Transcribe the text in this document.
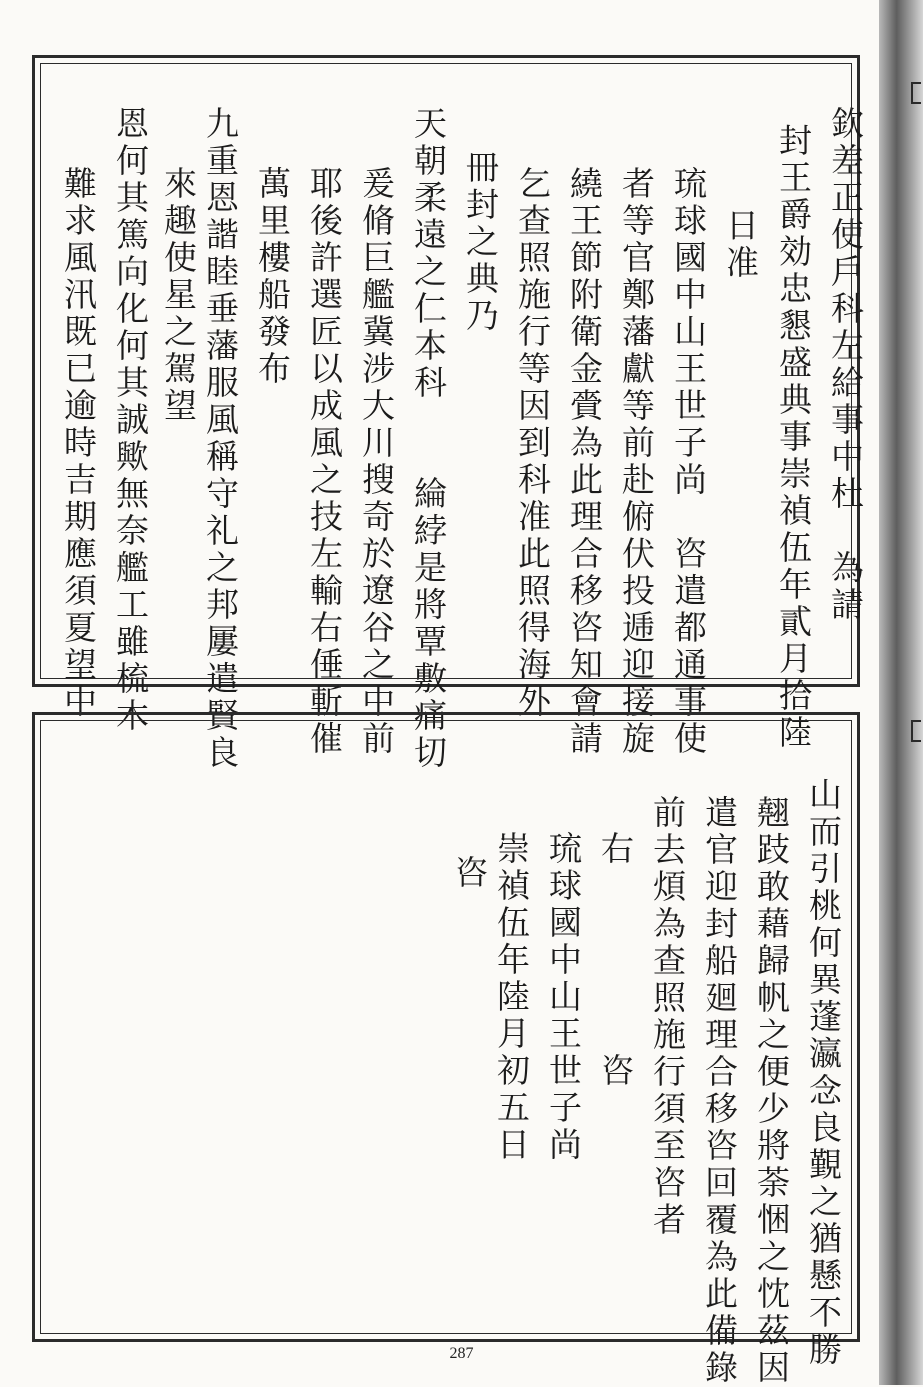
欽差正使戶科左給事中杜　為請
封王爵効忠懇盛典事崇禎伍年貳月拾陸
日准
琉球國中山王世子尚　咨遣都通事使
者等官鄭藩獻等前赴俯伏投逓迎接旋
繞王節附衛金賫為此理合移咨知會請
乞查照施行等因到科准此照得海外
冊封之典乃
天朝柔遠之仁本科　　綸綍是將覃敷痛切
爰脩巨艦冀涉大川搜奇於遼谷之中前
耶後許選匠以成風之技左輸右倕斬催
萬里樓船發布
九重恩諧睦垂藩服風稱守礼之邦屢遣賢良
來趣使星之駕望
恩何其篤向化何其誠歟無奈艦工雖梳木
難求風汛既已逾時吉期應須夏望中
山而引桃何異蓬瀛念良覲之猶懸不勝
翹跂敢藉歸帆之便少將荼悃之忱茲因
遣官迎封船廻理合移咨回覆為此備錄
前去煩為查照施行須至咨者
右　　　　　咨
琉球國中山王世子尚
崇禎伍年陸月初五日
咨
287
